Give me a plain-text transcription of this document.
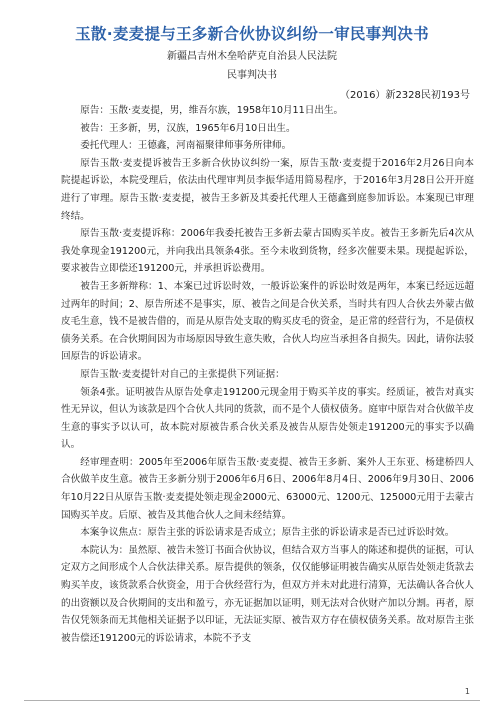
玉散·麦麦提与王多新合伙协议纠纷一审民事判决书
新疆昌吉州木垒哈萨克自治县人民法院
民事判决书
（2016）新2328民初193号

原告：玉散·麦麦提，男，维吾尔族，1958年10月11日出生。

被告：王多新，男，汉族，1965年6月10日出生。

委托代理人：王德鑫，河南福聚律师事务所律师。

原告玉散·麦麦提诉被告王多新合伙协议纠纷一案，原告玉散·麦麦提于2016年2月26日向本院提起诉讼，本院受理后，依法由代理审判员李振华适用简易程序，于2016年3月28日公开开庭进行了审理。原告玉散·麦麦提，被告王多新及其委托代理人王德鑫到庭参加诉讼。本案现已审理终结。

原告玉散·麦麦提诉称：2006年我委托被告王多新去蒙古国购买羊皮。被告王多新先后4次从我处拿现金191200元，并向我出具领条4张。至今未收到货物，经多次催要未果。现提起诉讼，要求被告立即偿还191200元，并承担诉讼费用。

被告王多新辩称：1、本案已过诉讼时效，一般诉讼案件的诉讼时效是两年，本案已经远远超过两年的时间；2、原告所述不是事实，原、被告之间是合伙关系，当时共有四人合伙去外蒙古做皮毛生意，钱不是被告借的，而是从原告处支取的购买皮毛的资金，是正常的经营行为，不是债权债务关系。在合伙期间因为市场原因导致生意失败，合伙人均应当承担各自损失。因此，请你法驳回原告的诉讼请求。

原告玉散·麦麦提针对自己的主张提供下列证据：

领条4张。证明被告从原告处拿走191200元现金用于购买羊皮的事实。经质证，被告对真实性无异议，但认为该款是四个合伙人共同的货款，而不是个人债权债务。庭审中原告对合伙做羊皮生意的事实予以认可，故本院对原被告系合伙关系及被告从原告处领走191200元的事实予以确认。

经审理查明：2005年至2006年原告玉散·麦麦提、被告王多新、案外人王东亚、杨建桥四人合伙做羊皮生意。被告王多新分别于2006年6月6日、2006年8月4日、2006年9月30日、2006年10月22日从原告玉散·麦麦提处领走现金2000元、63000元、1200元、125000元用于去蒙古国购买羊皮。后原、被告及其他合伙人之间未经结算。

本案争议焦点：原告主张的诉讼请求是否成立；原告主张的诉讼请求是否已过诉讼时效。

本院认为：虽然原、被告未签订书面合伙协议，但结合双方当事人的陈述和提供的证据，可认定双方之间形成个人合伙法律关系。原告提供的领条，仅仅能够证明被告确实从原告处领走货款去购买羊皮，该货款系合伙资金，用于合伙经营行为，但双方并未对此进行清算，无法确认各合伙人的出资额以及合伙期间的支出和盈亏，亦无证据加以证明，则无法对合伙财产加以分割。再者，原告仅凭领条而无其他相关证据予以印证，无法证实原、被告双方存在债权债务关系。故对原告主张被告偿还191200元的诉讼请求，本院不予支

1
